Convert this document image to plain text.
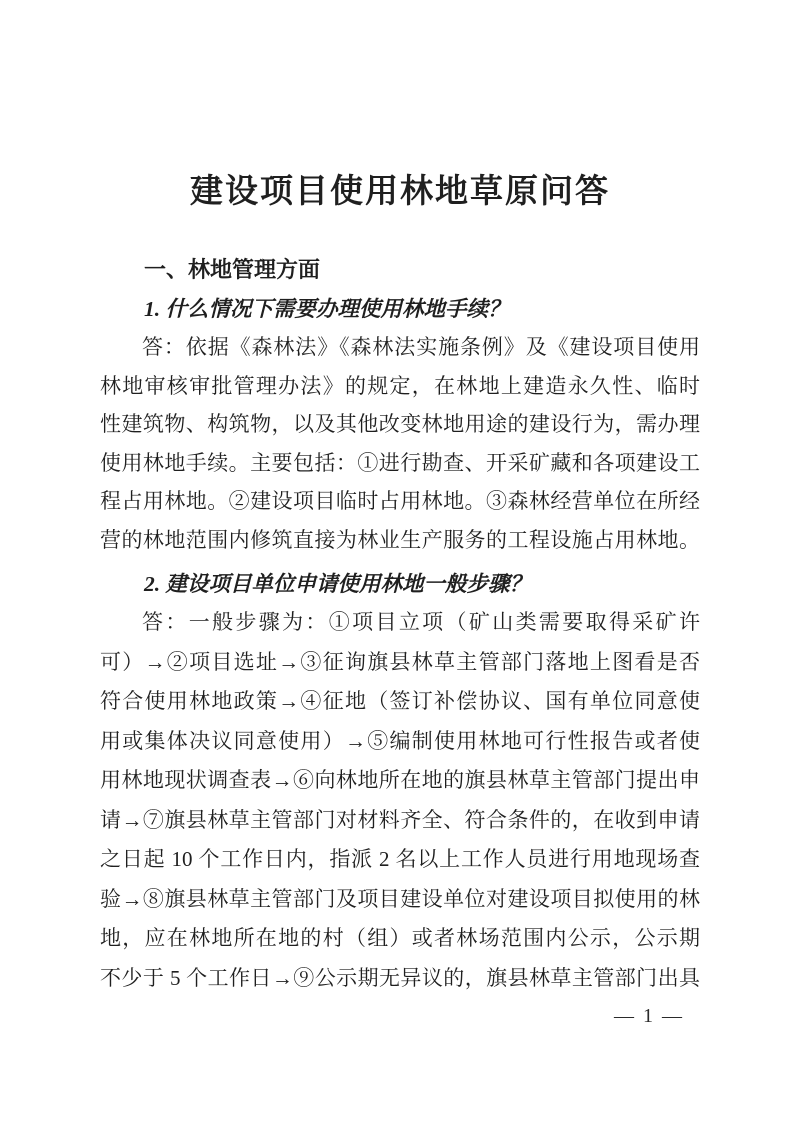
建设项目使用林地草原问答
一、林地管理方面
1. 什么情况下需要办理使用林地手续？
答：依据《森林法》《森林法实施条例》及《建设项目使用
林地审核审批管理办法》的规定，在林地上建造永久性、临时
性建筑物、构筑物，以及其他改变林地用途的建设行为，需办理
使用林地手续。主要包括：①进行勘查、开采矿藏和各项建设工
程占用林地。②建设项目临时占用林地。③森林经营单位在所经
营的林地范围内修筑直接为林业生产服务的工程设施占用林地。
2. 建设项目单位申请使用林地一般步骤？
答：一般步骤为：①项目立项（矿山类需要取得采矿许
可）→②项目选址→③征询旗县林草主管部门落地上图看是否
符合使用林地政策→④征地（签订补偿协议、国有单位同意使
用或集体决议同意使用）→⑤编制使用林地可行性报告或者使
用林地现状调查表→⑥向林地所在地的旗县林草主管部门提出申
请→⑦旗县林草主管部门对材料齐全、符合条件的，在收到申请
之日起 10 个工作日内，指派 2 名以上工作人员进行用地现场查
验→⑧旗县林草主管部门及项目建设单位对建设项目拟使用的林
地，应在林地所在地的村（组）或者林场范围内公示，公示期
不少于 5 个工作日→⑨公示期无异议的，旗县林草主管部门出具
— 1 —
